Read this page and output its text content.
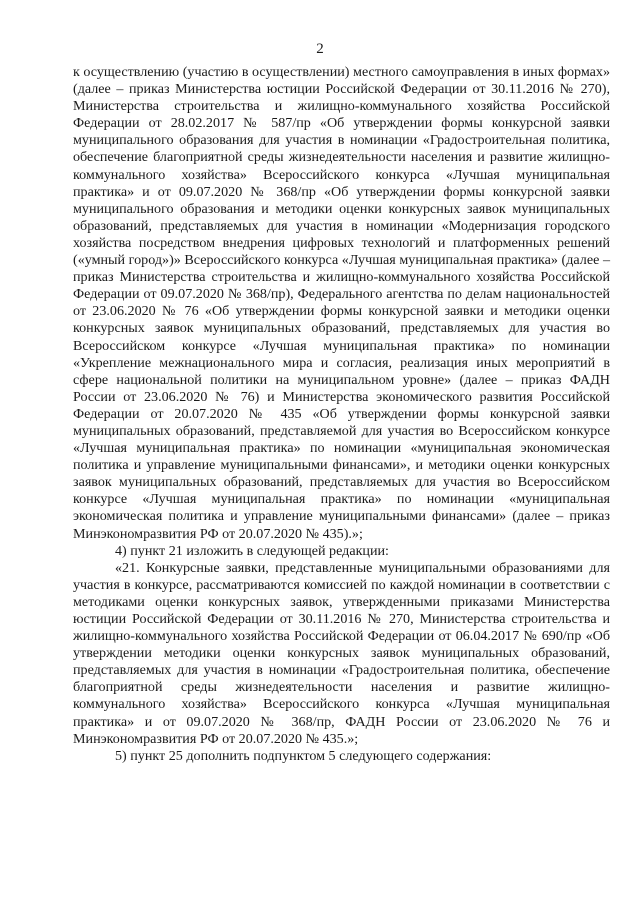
2

к осуществлению (участию в осуществлении) местного самоуправления в иных формах» (далее – приказ Министерства юстиции Российской Федерации от 30.11.2016 № 270), Министерства строительства и жилищно-коммунального хозяйства Российской Федерации от 28.02.2017 № 587/пр «Об утверждении формы конкурсной заявки муниципального образования для участия в номинации «Градостроительная политика, обеспечение благоприятной среды жизнедеятельности населения и развитие жилищно-коммунального хозяйства» Всероссийского конкурса «Лучшая муниципальная практика» и от 09.07.2020 № 368/пр «Об утверждении формы конкурсной заявки муниципального образования и методики оценки конкурсных заявок муниципальных образований, представляемых для участия в номинации «Модернизация городского хозяйства посредством внедрения цифровых технологий и платформенных решений («умный город»)» Всероссийского конкурса «Лучшая муниципальная практика» (далее – приказ Министерства строительства и жилищно-коммунального хозяйства Российской Федерации от 09.07.2020 № 368/пр), Федерального агентства по делам национальностей от 23.06.2020 № 76 «Об утверждении формы конкурсной заявки и методики оценки конкурсных заявок муниципальных образований, представляемых для участия во Всероссийском конкурсе «Лучшая муниципальная практика» по номинации «Укрепление межнационального мира и согласия, реализация иных мероприятий в сфере национальной политики на муниципальном уровне» (далее – приказ ФАДН России от 23.06.2020 № 76) и Министерства экономического развития Российской Федерации от 20.07.2020 № 435 «Об утверждении формы конкурсной заявки муниципальных образований, представляемой для участия во Всероссийском конкурсе «Лучшая муниципальная практика» по номинации «муниципальная экономическая политика и управление муниципальными финансами», и методики оценки конкурсных заявок муниципальных образований, представляемых для участия во Всероссийском конкурсе «Лучшая муниципальная практика» по номинации «муниципальная экономическая политика и управление муниципальными финансами» (далее – приказ Минэкономразвития РФ от 20.07.2020 № 435).»;

4) пункт 21 изложить в следующей редакции:

«21. Конкурсные заявки, представленные муниципальными образованиями для участия в конкурсе, рассматриваются комиссией по каждой номинации в соответствии с методиками оценки конкурсных заявок, утвержденными приказами Министерства юстиции Российской Федерации от 30.11.2016 № 270, Министерства строительства и жилищно-коммунального хозяйства Российской Федерации от 06.04.2017 № 690/пр «Об утверждении методики оценки конкурсных заявок муниципальных образований, представляемых для участия в номинации «Градостроительная политика, обеспечение благоприятной среды жизнедеятельности населения и развитие жилищно-коммунального хозяйства» Всероссийского конкурса «Лучшая муниципальная практика» и от 09.07.2020 № 368/пр, ФАДН России от 23.06.2020 № 76 и Минэкономразвития РФ от 20.07.2020 № 435.»;

5) пункт 25 дополнить подпунктом 5 следующего содержания:
